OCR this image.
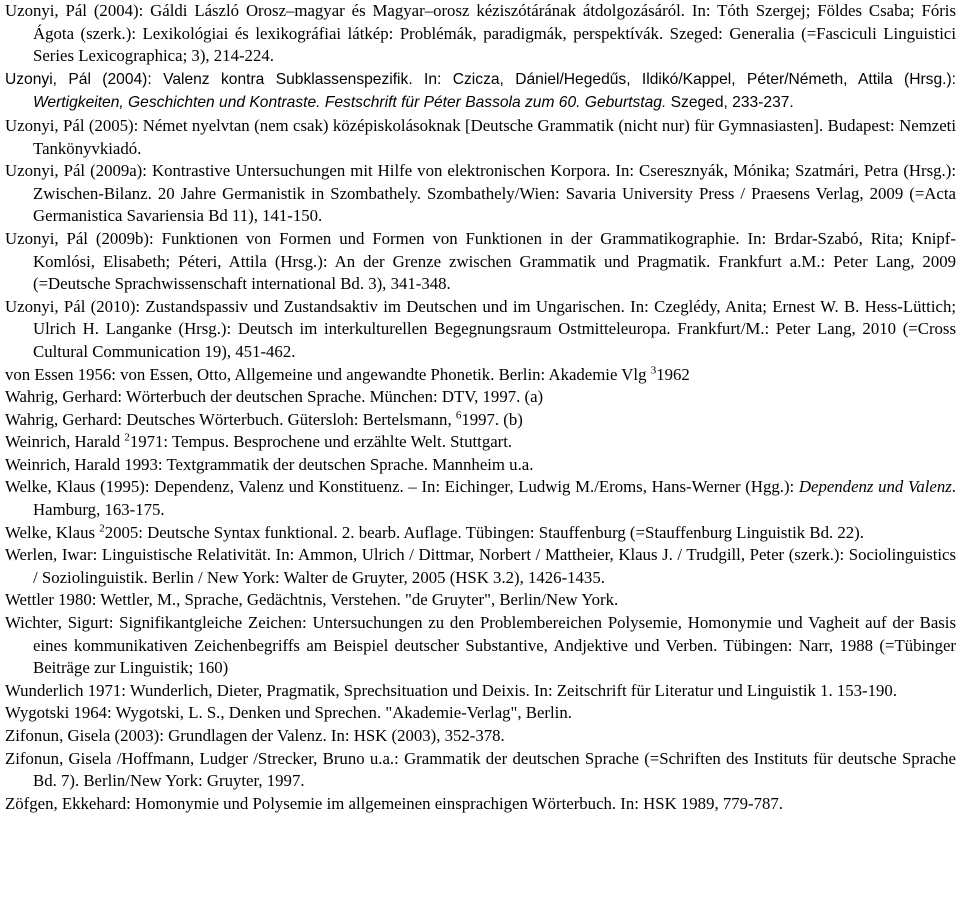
Uzonyi, Pál (2004): Gáldi László Orosz–magyar és Magyar–orosz kéziszótárának átdolgozásáról. In: Tóth Szergej; Földes Csaba; Fóris Ágota (szerk.): Lexikológiai és lexikográfiai látkép: Problémák, paradigmák, perspektívák. Szeged: Generalia (=Fasciculi Linguistici Series Lexicographica; 3), 214-224.

Uzonyi, Pál (2004): Valenz kontra Subklassenspezifik. In: Czicza, Dániel/Hegedűs, Ildikó/Kappel, Péter/Németh, Attila (Hrsg.): Wertigkeiten, Geschichten und Kontraste. Festschrift für Péter Bassola zum 60. Geburtstag. Szeged, 233-237.

Uzonyi, Pál (2005): Német nyelvtan (nem csak) középiskolásoknak [Deutsche Grammatik (nicht nur) für Gymnasiasten]. Budapest: Nemzeti Tankönyvkiadó.

Uzonyi, Pál (2009a): Kontrastive Untersuchungen mit Hilfe von elektronischen Korpora. In: Cseresznyák, Mónika; Szatmári, Petra (Hrsg.): Zwischen-Bilanz. 20 Jahre Germanistik in Szombathely. Szombathely/Wien: Savaria University Press / Praesens Verlag, 2009 (=Acta Germanistica Savariensia Bd 11), 141-150.

Uzonyi, Pál (2009b): Funktionen von Formen und Formen von Funktionen in der Grammatikographie. In: Brdar-Szabó, Rita; Knipf-Komlósi, Elisabeth; Péteri, Attila (Hrsg.): An der Grenze zwischen Grammatik und Pragmatik. Frankfurt a.M.: Peter Lang, 2009 (=Deutsche Sprachwissenschaft international Bd. 3), 341-348.

Uzonyi, Pál (2010): Zustandspassiv und Zustandsaktiv im Deutschen und im Ungarischen. In: Czeglédy, Anita; Ernest W. B. Hess-Lüttich; Ulrich H. Langanke (Hrsg.): Deutsch im interkulturellen Begegnungsraum Ostmitteleuropa. Frankfurt/M.: Peter Lang, 2010 (=Cross Cultural Communication 19), 451-462.

von Essen 1956: von Essen, Otto, Allgemeine und angewandte Phonetik. Berlin: Akademie Vlg $^3$1962

Wahrig, Gerhard: Wörterbuch der deutschen Sprache. München: DTV, 1997. (a)

Wahrig, Gerhard: Deutsches Wörterbuch. Gütersloh: Bertelsmann, $^6$1997. (b)

Weinrich, Harald $^2$1971: Tempus. Besprochene und erzählte Welt. Stuttgart.

Weinrich, Harald 1993: Textgrammatik der deutschen Sprache. Mannheim u.a.

Welke, Klaus (1995): Dependenz, Valenz und Konstituenz. – In: Eichinger, Ludwig M./Eroms, Hans-Werner (Hgg.): Dependenz und Valenz. Hamburg, 163-175.

Welke, Klaus $^2$2005: Deutsche Syntax funktional. 2. bearb. Auflage. Tübingen: Stauffenburg (=Stauffenburg Linguistik Bd. 22).

Werlen, Iwar: Linguistische Relativität. In: Ammon, Ulrich / Dittmar, Norbert / Mattheier, Klaus J. / Trudgill, Peter (szerk.): Sociolinguistics / Soziolinguistik. Berlin / New York: Walter de Gruyter, 2005 (HSK 3.2), 1426-1435.

Wettler 1980: Wettler, M., Sprache, Gedächtnis, Verstehen. "de Gruyter", Berlin/New York.

Wichter, Sigurt: Signifikantgleiche Zeichen: Untersuchungen zu den Problembereichen Polysemie, Homonymie und Vagheit auf der Basis eines kommunikativen Zeichenbegriffs am Beispiel deutscher Substantive, Andjektive und Verben. Tübingen: Narr, 1988 (=Tübinger Beiträge zur Linguistik; 160)

Wunderlich 1971: Wunderlich, Dieter, Pragmatik, Sprechsituation und Deixis. In: Zeitschrift für Literatur und Linguistik 1. 153-190.

Wygotski 1964: Wygotski, L. S., Denken und Sprechen. "Akademie-Verlag", Berlin.

Zifonun, Gisela (2003): Grundlagen der Valenz. In: HSK (2003), 352-378.

Zifonun, Gisela /Hoffmann, Ludger /Strecker, Bruno u.a.: Grammatik der deutschen Sprache (=Schriften des Instituts für deutsche Sprache Bd. 7). Berlin/New York: Gruyter, 1997.

Zöfgen, Ekkehard: Homonymie und Polysemie im allgemeinen einsprachigen Wörterbuch. In: HSK 1989, 779-787.
